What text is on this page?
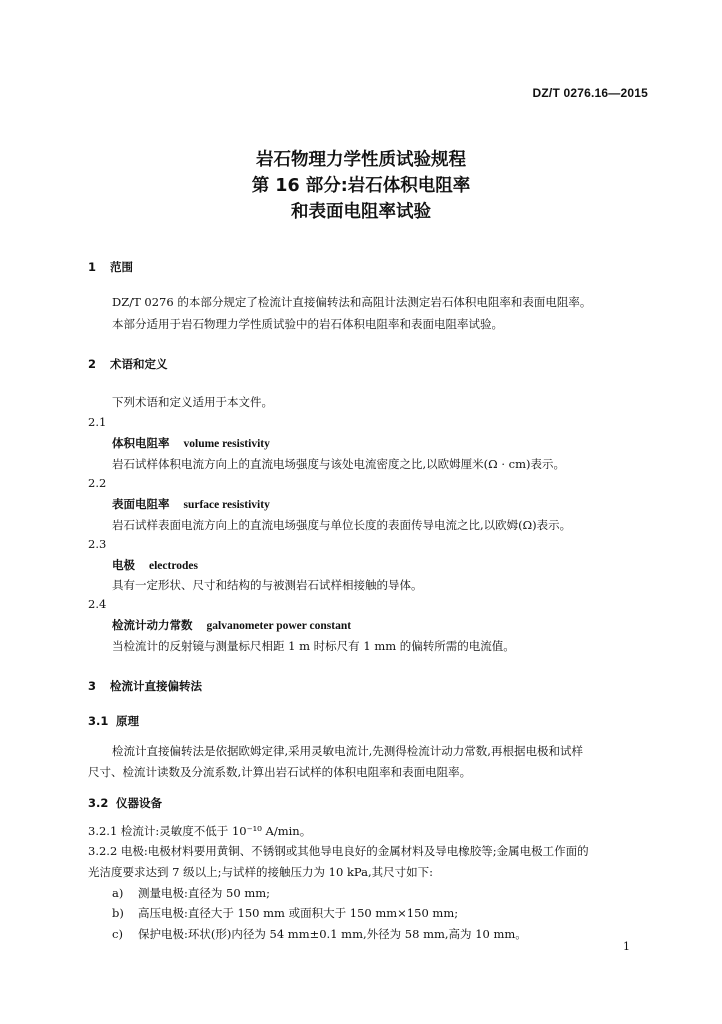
DZ/T 0276.16—2015
岩石物理力学性质试验规程
第 16 部分:岩石体积电阻率
和表面电阻率试验
1 范围
DZ/T 0276 的本部分规定了检流计直接偏转法和高阻计法测定岩石体积电阻率和表面电阻率。
本部分适用于岩石物理力学性质试验中的岩石体积电阻率和表面电阻率试验。
2 术语和定义
下列术语和定义适用于本文件。
2.1
体积电阻率 volume resistivity
岩石试样体积电流方向上的直流电场强度与该处电流密度之比,以欧姆厘米(Ω · cm)表示。
2.2
表面电阻率 surface resistivity
岩石试样表面电流方向上的直流电场强度与单位长度的表面传导电流之比,以欧姆(Ω)表示。
2.3
电极 electrodes
具有一定形状、尺寸和结构的与被测岩石试样相接触的导体。
2.4
检流计动力常数 galvanometer power constant
当检流计的反射镜与测量标尺相距 1 m 时标尺有 1 mm 的偏转所需的电流值。
3 检流计直接偏转法
3.1 原理
检流计直接偏转法是依据欧姆定律,采用灵敏电流计,先测得检流计动力常数,再根据电极和试样
尺寸、检流计读数及分流系数,计算出岩石试样的体积电阻率和表面电阻率。
3.2 仪器设备
3.2.1 检流计:灵敏度不低于 10⁻¹⁰ A/min。
3.2.2 电极:电极材料要用黄铜、不锈钢或其他导电良好的金属材料及导电橡胶等;金属电极工作面的
光洁度要求达到 7 级以上;与试样的接触压力为 10 kPa,其尺寸如下:
a) 测量电极:直径为 50 mm;
b) 高压电极:直径大于 150 mm 或面积大于 150 mm×150 mm;
c) 保护电极:环状(形)内径为 54 mm±0.1 mm,外径为 58 mm,高为 10 mm。
1
